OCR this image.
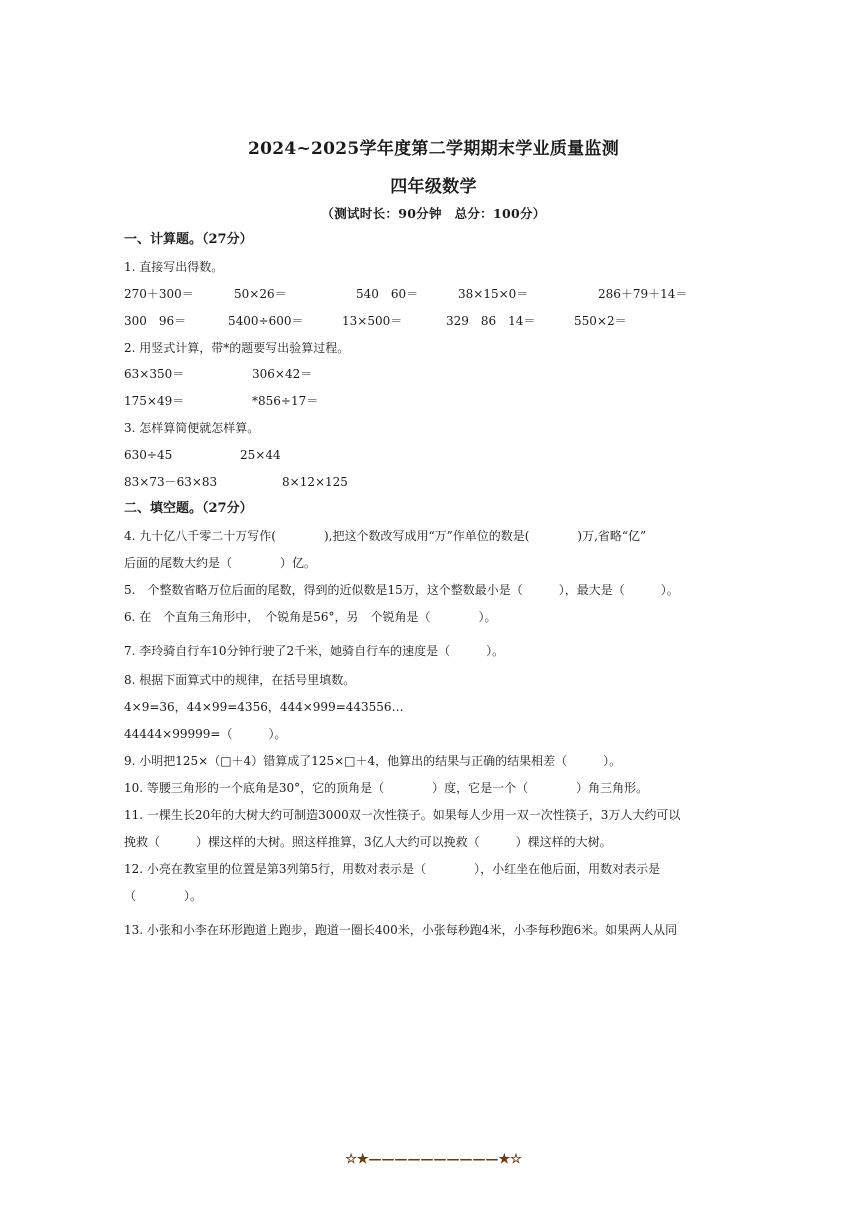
2024~2025学年度第二学期期末学业质量监测
四年级数学
（测试时长：90分钟　总分：100分）
一、计算题。（27分）
1. 直接写出得数。
270＋300＝	50×26＝	540　60＝	38×15×0＝	286＋79＋14＝
300　96＝	5400÷600＝	13×500＝	329　86　14＝	550×2＝
2. 用竖式计算，带*的题要写出验算过程。
63×350＝	306×42＝
175×49＝	*856÷17＝
3. 怎样算简便就怎样算。
630÷45	25×44
83×73－63×83	8×12×125
二、填空题。（27分）
4. 九十亿八千零二十万写作(　　　　),把这个数改写成用“万”作单位的数是(　　　　)万,省略“亿”
后面的尾数大约是（　　　　）亿。
5.　个整数省略万位后面的尾数，得到的近似数是15万，这个整数最小是（　　　），最大是（　　　）。
6. 在　个直角三角形中，　个锐角是56°，另　个锐角是（　　　　）。
7. 李玲骑自行车10分钟行驶了2千米，她骑自行车的速度是（　　　）。
8. 根据下面算式中的规律，在括号里填数。
4×9=36，44×99=4356，444×999=443556…
44444×99999=（　　　）。
9. 小明把125×（□＋4）错算成了125×□＋4，他算出的结果与正确的结果相差（　　　）。
10. 等腰三角形的一个底角是30°，它的顶角是（　　　　）度，它是一个（　　　　）角三角形。
11. 一棵生长20年的大树大约可制造3000双一次性筷子。如果每人少用一双一次性筷子，3万人大约可以
挽救（　　　）棵这样的大树。照这样推算，3亿人大约可以挽救（　　　）棵这样的大树。
12. 小亮在教室里的位置是第3列第5行，用数对表示是（　　　　），小红坐在他后面，用数对表示是
（　　　　）。
13. 小张和小李在环形跑道上跑步，跑道一圈长400米，小张每秒跑4米，小李每秒跑6米。如果两人从同
☆★——————————★☆
